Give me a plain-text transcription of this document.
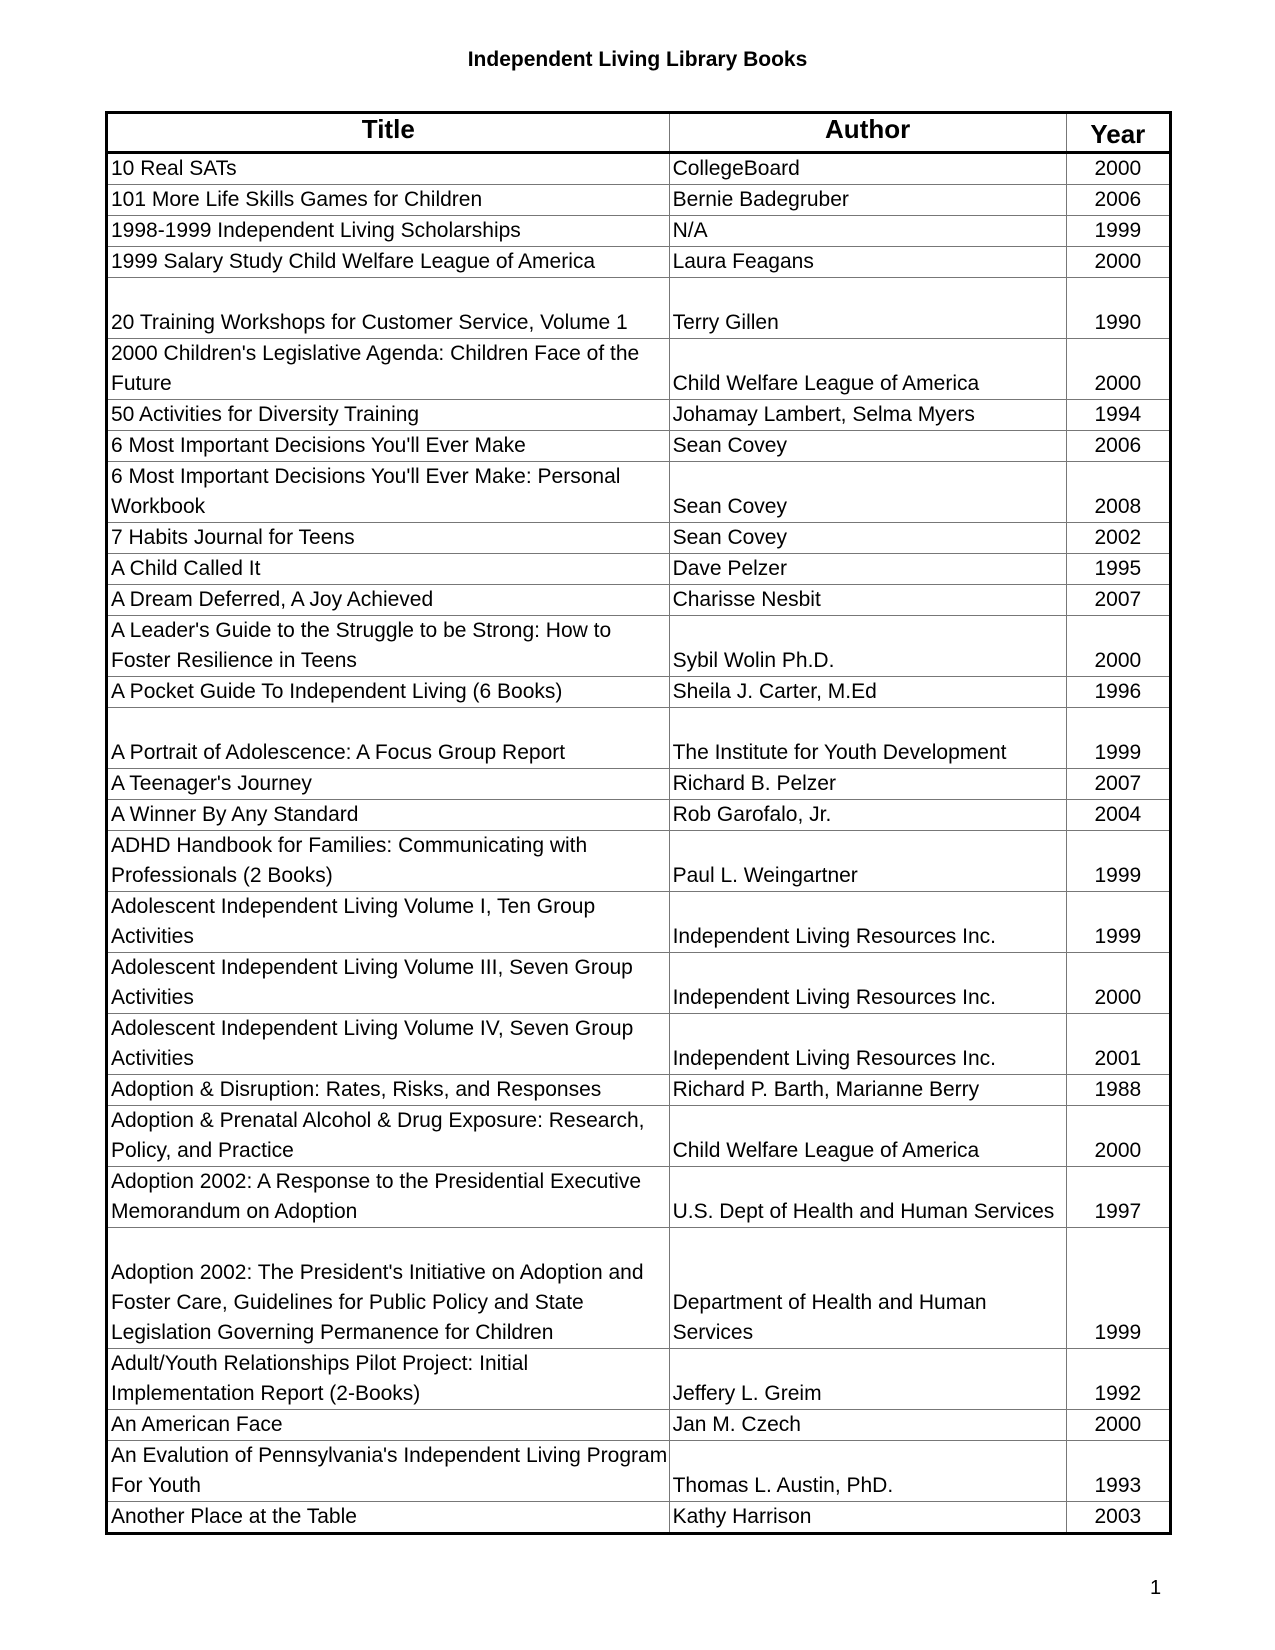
Independent Living Library Books
Title	Author	Year
10 Real SATs	CollegeBoard	2000
101 More Life Skills Games for Children	Bernie Badegruber	2006
1998-1999 Independent Living Scholarships	N/A	1999
1999 Salary Study Child Welfare League of America	Laura Feagans	2000
20 Training Workshops for Customer Service, Volume 1	Terry Gillen	1990
2000 Children's Legislative Agenda: Children Face of the Future	Child Welfare League of America	2000
50 Activities for Diversity Training	Johamay Lambert, Selma Myers	1994
6 Most Important Decisions You'll Ever Make	Sean Covey	2006
6 Most Important Decisions You'll Ever Make: Personal Workbook	Sean Covey	2008
7 Habits Journal for Teens	Sean Covey	2002
A Child Called It	Dave Pelzer	1995
A Dream Deferred, A Joy Achieved	Charisse Nesbit	2007
A Leader's Guide to the Struggle to be Strong: How to Foster Resilience in Teens	Sybil Wolin Ph.D.	2000
A Pocket Guide To Independent Living (6 Books)	Sheila J. Carter, M.Ed	1996
A Portrait of Adolescence: A Focus Group Report	The Institute for Youth Development	1999
A Teenager's Journey	Richard B. Pelzer	2007
A Winner By Any Standard	Rob Garofalo, Jr.	2004
ADHD Handbook for Families: Communicating with Professionals (2 Books)	Paul L. Weingartner	1999
Adolescent Independent Living Volume I, Ten Group Activities	Independent Living Resources Inc.	1999
Adolescent Independent Living Volume III, Seven Group Activities	Independent Living Resources Inc.	2000
Adolescent Independent Living Volume IV, Seven Group Activities	Independent Living Resources Inc.	2001
Adoption & Disruption: Rates, Risks, and Responses	Richard P. Barth, Marianne Berry	1988
Adoption & Prenatal Alcohol & Drug Exposure: Research, Policy, and Practice	Child Welfare League of America	2000
Adoption 2002: A Response to the Presidential Executive Memorandum on Adoption	U.S. Dept of Health and Human Services	1997
Adoption 2002: The President's Initiative on Adoption and Foster Care, Guidelines for Public Policy and State Legislation Governing Permanence for Children	Department of Health and Human Services	1999
Adult/Youth Relationships Pilot Project: Initial Implementation Report (2-Books)	Jeffery L. Greim	1992
An American Face	Jan M. Czech	2000
An Evalution of Pennsylvania's Independent Living Program For Youth	Thomas L. Austin, PhD.	1993
Another Place at the Table	Kathy Harrison	2003
1
